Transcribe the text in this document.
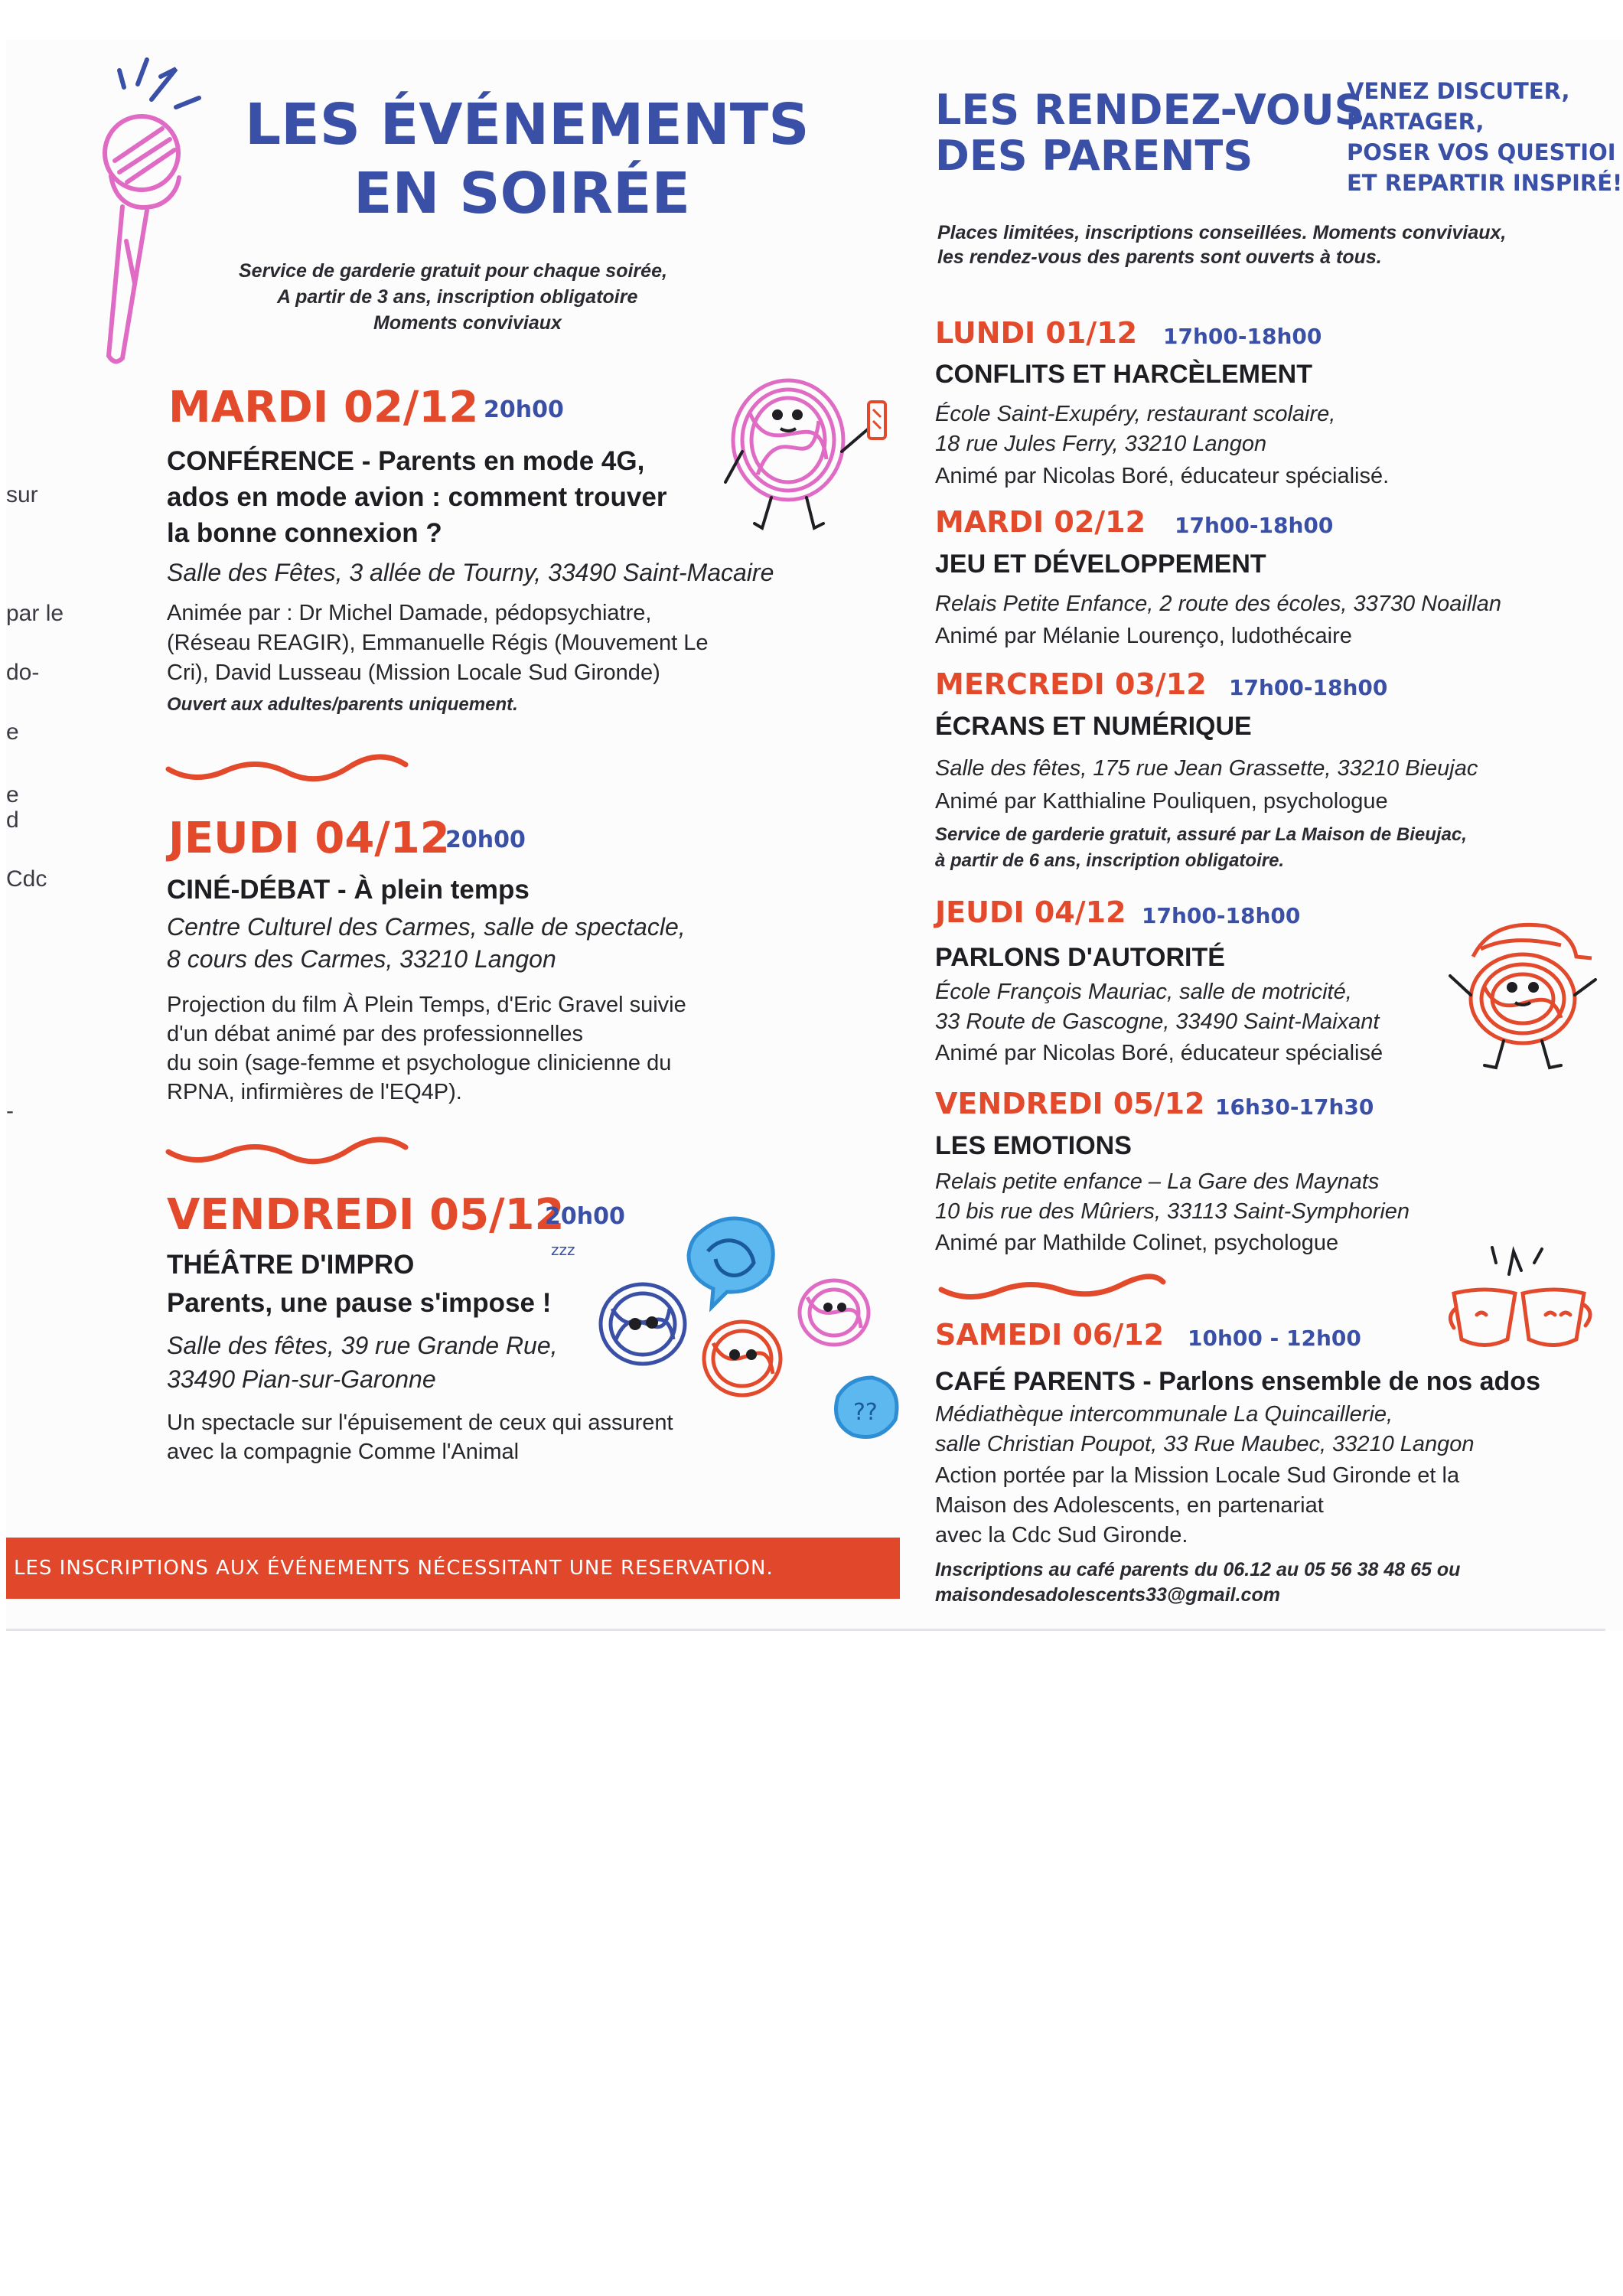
sur
par le
do-
e
e
d
Cdc
-
LES ÉVÉNEMENTS
EN SOIRÉE
Service de garderie gratuit pour chaque soirée,
A partir de 3 ans, inscription obligatoire
Moments conviviaux
MARDI 02/12 20h00
CONFÉRENCE - Parents en mode 4G,
ados en mode avion : comment trouver
la bonne connexion ?
Salle des Fêtes, 3 allée de Tourny, 33490 Saint-Macaire
Animée par : Dr Michel Damade, pédopsychiatre,
(Réseau REAGIR), Emmanuelle Régis (Mouvement Le
Cri), David Lusseau (Mission Locale Sud Gironde)
Ouvert aux adultes/parents uniquement.
JEUDI 04/12
20h00
CINÉ-DÉBAT - À plein temps
Centre Culturel des Carmes, salle de spectacle,
8 cours des Carmes, 33210 Langon
Projection du film À Plein Temps, d'Eric Gravel suivie
d'un débat animé par des professionnelles
du soin (sage-femme et psychologue clinicienne du
RPNA, infirmières de l'EQ4P).
VENDREDI 05/12
20h00
THÉÂTRE D'IMPRO
Parents, une pause s'impose !
Salle des fêtes, 39 rue Grande Rue,
33490 Pian-sur-Garonne
Un spectacle sur l'épuisement de ceux qui assurent
avec la compagnie Comme l'Animal
??
zzz
LES INSCRIPTIONS AUX ÉVÉNEMENTS NÉCESSITANT UNE RESERVATION.
LES RENDEZ-VOUS
DES PARENTS
VENEZ DISCUTER,
PARTAGER,
POSER VOS QUESTIOI
ET REPARTIR INSPIRÉ!
Places limitées, inscriptions conseillées. Moments conviviaux,
les rendez-vous des parents sont ouverts à tous.
LUNDI 01/12 17h00-18h00
CONFLITS ET HARCÈLEMENT
École Saint-Exupéry, restaurant scolaire,
18 rue Jules Ferry, 33210 Langon
Animé par Nicolas Boré, éducateur spécialisé.
MARDI 02/12 17h00-18h00
JEU ET DÉVELOPPEMENT
Relais Petite Enfance, 2 route des écoles, 33730 Noaillan
Animé par Mélanie Lourenço, ludothécaire
MERCREDI 03/12 17h00-18h00
ÉCRANS ET NUMÉRIQUE
Salle des fêtes, 175 rue Jean Grassette, 33210 Bieujac
Animé par Katthialine Pouliquen, psychologue
Service de garderie gratuit, assuré par La Maison de Bieujac,
à partir de 6 ans, inscription obligatoire.
JEUDI 04/12 17h00-18h00
PARLONS D'AUTORITÉ
École François Mauriac, salle de motricité,
33 Route de Gascogne, 33490 Saint-Maixant
Animé par Nicolas Boré, éducateur spécialisé
VENDREDI 05/12 16h30-17h30
LES EMOTIONS
Relais petite enfance – La Gare des Maynats
10 bis rue des Mûriers, 33113 Saint-Symphorien
Animé par Mathilde Colinet, psychologue
SAMEDI 06/12 10h00 - 12h00
CAFÉ PARENTS - Parlons ensemble de nos ados
Médiathèque intercommunale La Quincaillerie,
salle Christian Poupot, 33 Rue Maubec, 33210 Langon
Action portée par la Mission Locale Sud Gironde et la
Maison des Adolescents, en partenariat
avec la Cdc Sud Gironde.
Inscriptions au café parents du 06.12 au 05 56 38 48 65 ou
maisondesadolescents33@gmail.com
